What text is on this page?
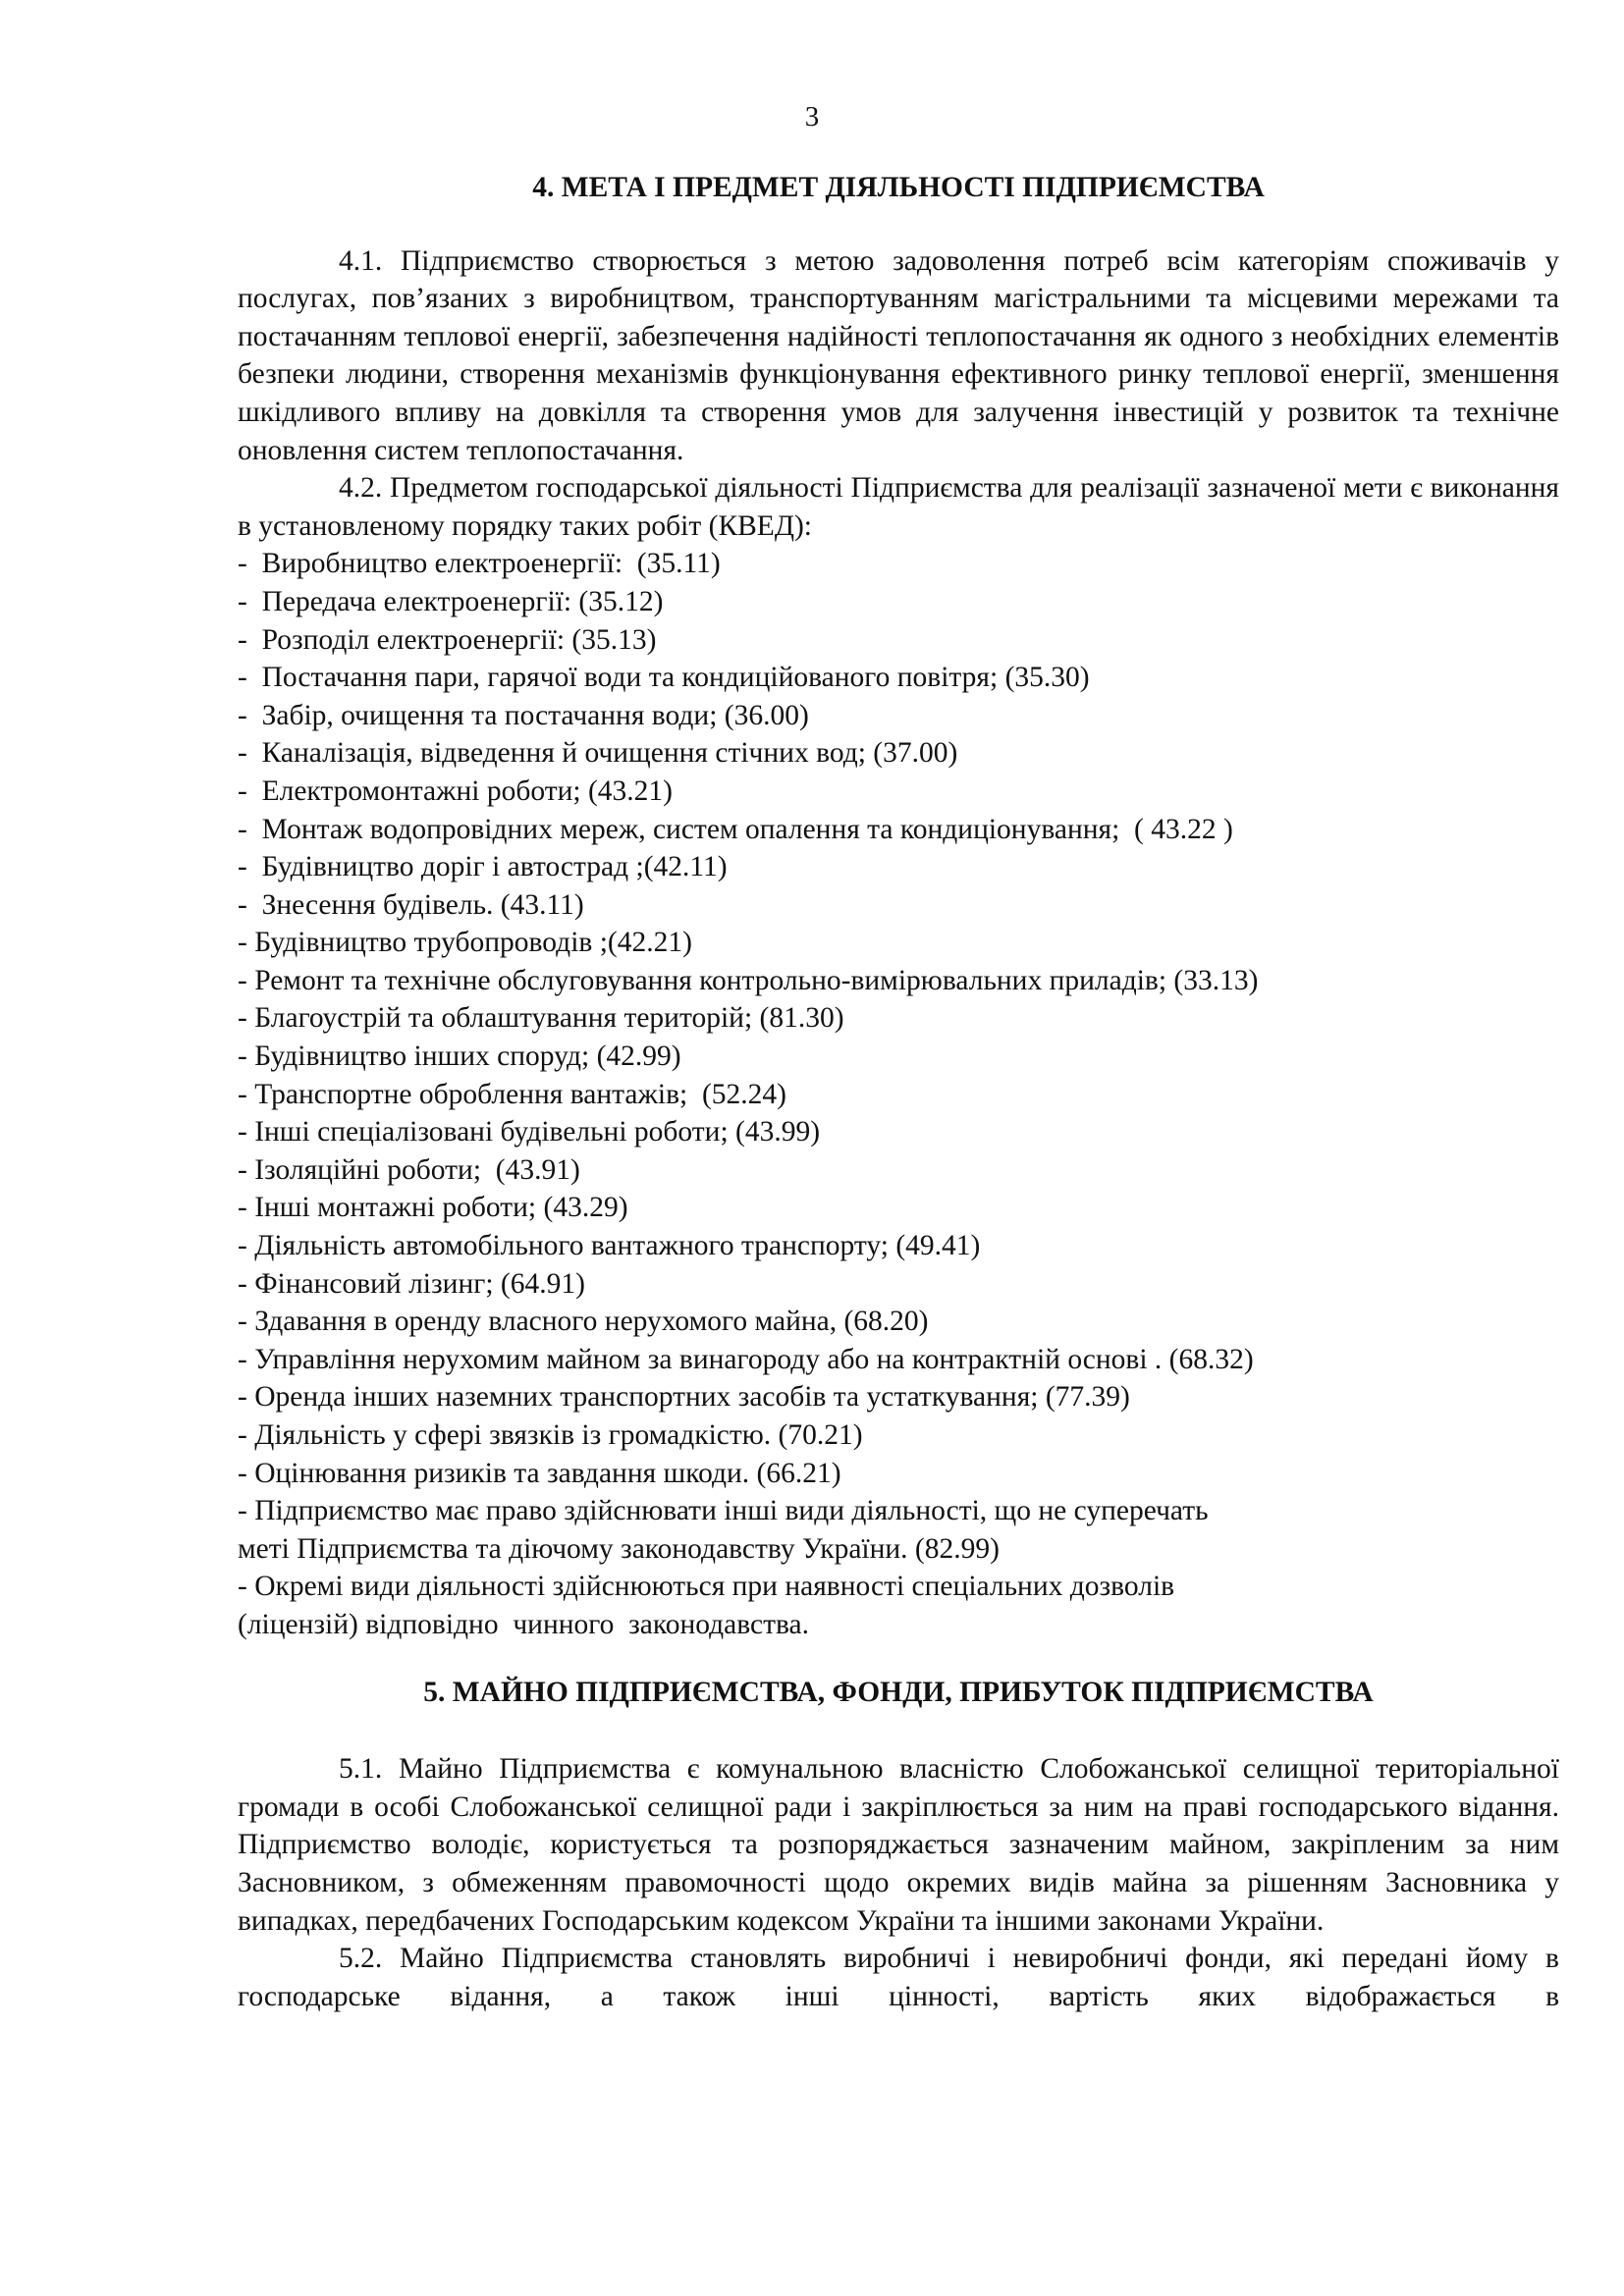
3
4. МЕТА І ПРЕДМЕТ ДІЯЛЬНОСТІ ПІДПРИЄМСТВА

4.1. Підприємство створюється з метою задоволення потреб всім категоріям споживачів у послугах, пов’язаних з виробництвом, транспортуванням магістральними та місцевими мережами та постачанням теплової енергії, забезпечення надійності теплопостачання як одного з необхідних елементів безпеки людини, створення механізмів функціонування ефективного ринку теплової енергії, зменшення шкідливого впливу на довкілля та створення умов для залучення інвестицій у розвиток та технічне оновлення систем теплопостачання.

4.2. Предметом господарської діяльності Підприємства для реалізації зазначеної мети є виконання в установленому порядку таких робіт (КВЕД):

-  Виробництво електроенергії:  (35.11)
-  Передача електроенергії: (35.12)
-  Розподіл електроенергії: (35.13)
-  Постачання пари, гарячої води та кондиційованого повітря; (35.30)
-  Забір, очищення та постачання води; (36.00)
-  Каналізація, відведення й очищення стічних вод; (37.00)
-  Електромонтажні роботи; (43.21)
-  Монтаж водопровідних мереж, систем опалення та кондиціонування;  ( 43.22 )
-  Будівництво доріг і автострад ;(42.11)
-  Знесення будівель. (43.11)
- Будівництво трубопроводів ;(42.21)
- Ремонт та технічне обслуговування контрольно-вимірювальних приладів; (33.13)
- Благоустрій та облаштування територій; (81.30)
- Будівництво інших споруд; (42.99)
- Транспортне оброблення вантажів;  (52.24)
- Інші спеціалізовані будівельні роботи; (43.99)
- Ізоляційні роботи;  (43.91)
- Інші монтажні роботи; (43.29)
- Діяльність автомобільного вантажного транспорту; (49.41)
- Фінансовий лізинг; (64.91)
- Здавання в оренду власного нерухомого майна, (68.20)
- Управління нерухомим майном за винагороду або на контрактній основі . (68.32)
- Оренда інших наземних транспортних засобів та устаткування; (77.39)
- Діяльність у сфері звязків із громадкістю. (70.21)
- Оцінювання ризиків та завдання шкоди. (66.21)
- Підприємство має право здійснювати інші види діяльності, що не суперечать
меті Підприємства та діючому законодавству України. (82.99)
- Окремі види діяльності здійснюються при наявності спеціальних дозволів
(ліцензій) відповідно  чинного  законодавства.
5. МАЙНО ПІДПРИЄМСТВА, ФОНДИ, ПРИБУТОК ПІДПРИЄМСТВА

5.1. Майно Підприємства є комунальною власністю Слобожанської селищної територіальної громади в особі Слобожанської селищної ради і закріплюється за ним на праві господарського відання. Підприємство володіє, користується та розпоряджається зазначеним майном, закріпленим за ним Засновником, з обмеженням правомочності щодо окремих видів майна за рішенням Засновника у випадках, передбачених Господарським кодексом України та іншими законами України.

5.2. Майно Підприємства становлять виробничі і невиробничі фонди, які передані йому в господарське відання, а також інші цінності, вартість яких відображається в
